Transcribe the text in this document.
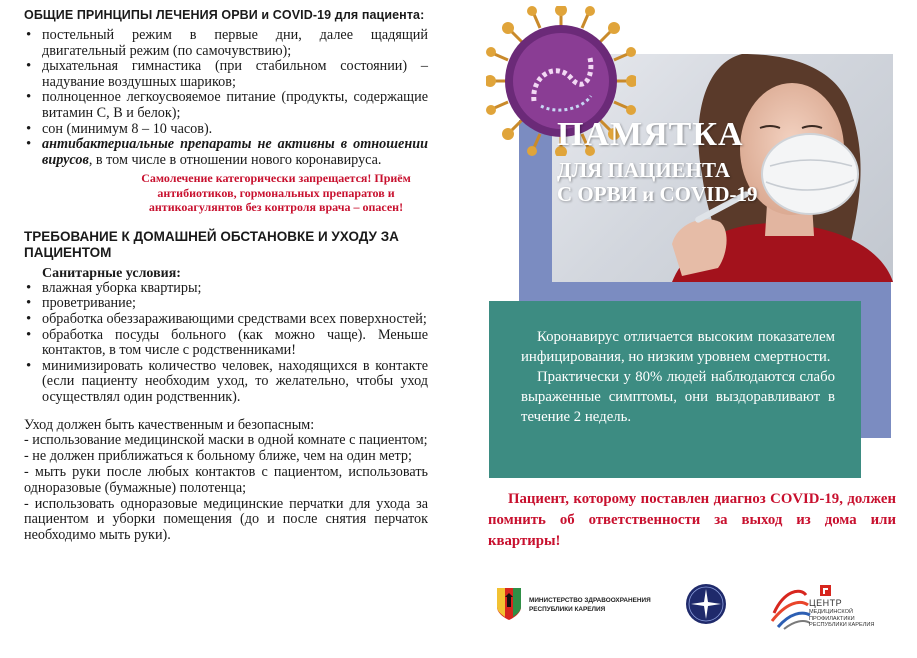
ОБЩИЕ ПРИНЦИПЫ ЛЕЧЕНИЯ ОРВИ и COVID-19 для пациента:
• постельный режим в первые дни, далее щадящий двигательный режим (по самочувствию);
• дыхательная гимнастика (при стабильном состоянии) – надувание воздушных шариков;
• полноценное легкоусвояемое питание (продукты, содержащие витамин С, В и белок);
• сон (минимум 8 – 10 часов).
• антибактериальные препараты не активны в отношении вирусов, в том числе в отношении нового коронавируса.
Самолечение категорически запрещается! Приём антибиотиков, гормональных препаратов и антикоагулянтов без контроля врача – опасен!
ТРЕБОВАНИЕ К ДОМАШНЕЙ ОБСТАНОВКЕ И УХОДУ ЗА ПАЦИЕНТОМ
Санитарные условия:
• влажная уборка квартиры;
• проветривание;
• обработка обеззараживающими средствами всех поверхностей;
• обработка посуды больного (как можно чаще). Меньше контактов, в том числе с родственниками!
• минимизировать количество человек, находящихся в контакте (если пациенту необходим уход, то желательно, чтобы уход осуществлял один родственник).

Уход должен быть качественным и безопасным:

- использование медицинской маски в одной комнате с пациентом;

- не должен приближаться к больному ближе, чем на один метр;

- мыть руки после любых контактов с пациентом, использовать одноразовые (бумажные) полотенца;

- использовать одноразовые медицинские перчатки для ухода за пациентом и уборки помещения (до и после снятия перчаток необходимо мыть руки).

ПАМЯТКА
ДЛЯ ПАЦИЕНТА
С ОРВИ и COVID-19

Коронавирус отличается высоким показателем инфицирования, но низким уровнем смертности.

Практически у 80% людей наблюдаются слабо выраженные симптомы, они выздоравливают в течение 2 недель.

Пациент, которому поставлен диагноз COVID-19, должен помнить об ответственности за выход из дома или квартиры!
МИНИСТЕРСТВО ЗДРАВООХРАНЕНИЯ
РЕСПУБЛИКИ КАРЕЛИЯ
ЦЕНТР
МЕДИЦИНСКОЙ ПРОФИЛАКТИКИ
РЕСПУБЛИКИ КАРЕЛИЯ
